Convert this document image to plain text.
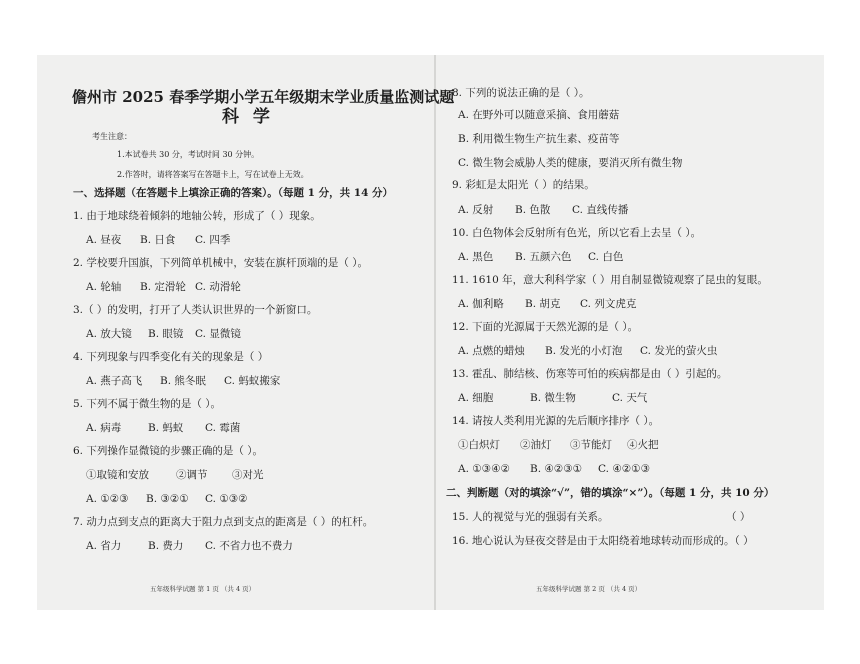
儋州市 2025 春季学期小学五年级期末学业质量监测试题
科 学
考生注意：
1.本试卷共 30 分，考试时间 30 分钟。
2.作答时，请将答案写在答题卡上，写在试卷上无效。
一、选择题（在答题卡上填涂正确的答案）。（每题 1 分，共 14 分）
1. 由于地球绕着倾斜的地轴公转，形成了（ ）现象。
A. 昼夜 B. 日食 C. 四季
2. 学校要升国旗，下列简单机械中，安装在旗杆顶端的是（ ）。
A. 轮轴 B. 定滑轮 C. 动滑轮
3.（ ）的发明，打开了人类认识世界的一个新窗口。
A. 放大镜 B. 眼镜 C. 显微镜
4. 下列现象与四季变化有关的现象是（ ）
A. 燕子高飞 B. 熊冬眠 C. 蚂蚁搬家
5. 下列不属于微生物的是（ ）。
A. 病毒	B. 蚂蚁 C. 霉菌
6. 下列操作显微镜的步骤正确的是（ ）。
①取镜和安放	②调节 ③对光
A. ①②③ B. ③②① C. ①③②
7. 动力点到支点的距离大于阻力点到支点的距离是（ ）的杠杆。
A. 省力	B. 费力 C. 不省力也不费力
五年级科学试题 第 1 页 （共 4 页）
8. 下列的说法正确的是（ ）。
A. 在野外可以随意采摘、食用蘑菇
B. 利用微生物生产抗生素、疫苗等
C. 微生物会威胁人类的健康，要消灭所有微生物
9. 彩虹是太阳光（ ）的结果。
A. 反射 B. 色散 C. 直线传播
10. 白色物体会反射所有色光，所以它看上去呈（ ）。
A. 黑色 B. 五颜六色 C. 白色
11. 1610 年，意大利科学家（ ）用自制显微镜观察了昆虫的复眼。
A. 伽利略 B. 胡克 C. 列文虎克
12. 下面的光源属于天然光源的是（ ）。
A. 点燃的蜡烛 B. 发光的小灯泡 C. 发光的萤火虫
13. 霍乱、肺结核、伤寒等可怕的疾病都是由（ ）引起的。
A. 细胞	B. 微生物	C. 天气
14. 请按人类利用光源的先后顺序排序（ ）。
①白炽灯 ②油灯 ③节能灯 ④火把
A. ①③④② B. ④②③① C. ④②①③
二、判断题（对的填涂“√”，错的填涂“×”）。（每题 1 分，共 10 分）
15. 人的视觉与光的强弱有关系。	（ ）
16. 地心说认为昼夜交替是由于太阳绕着地球转动而形成的。（ ）
五年级科学试题 第 2 页 （共 4 页）
